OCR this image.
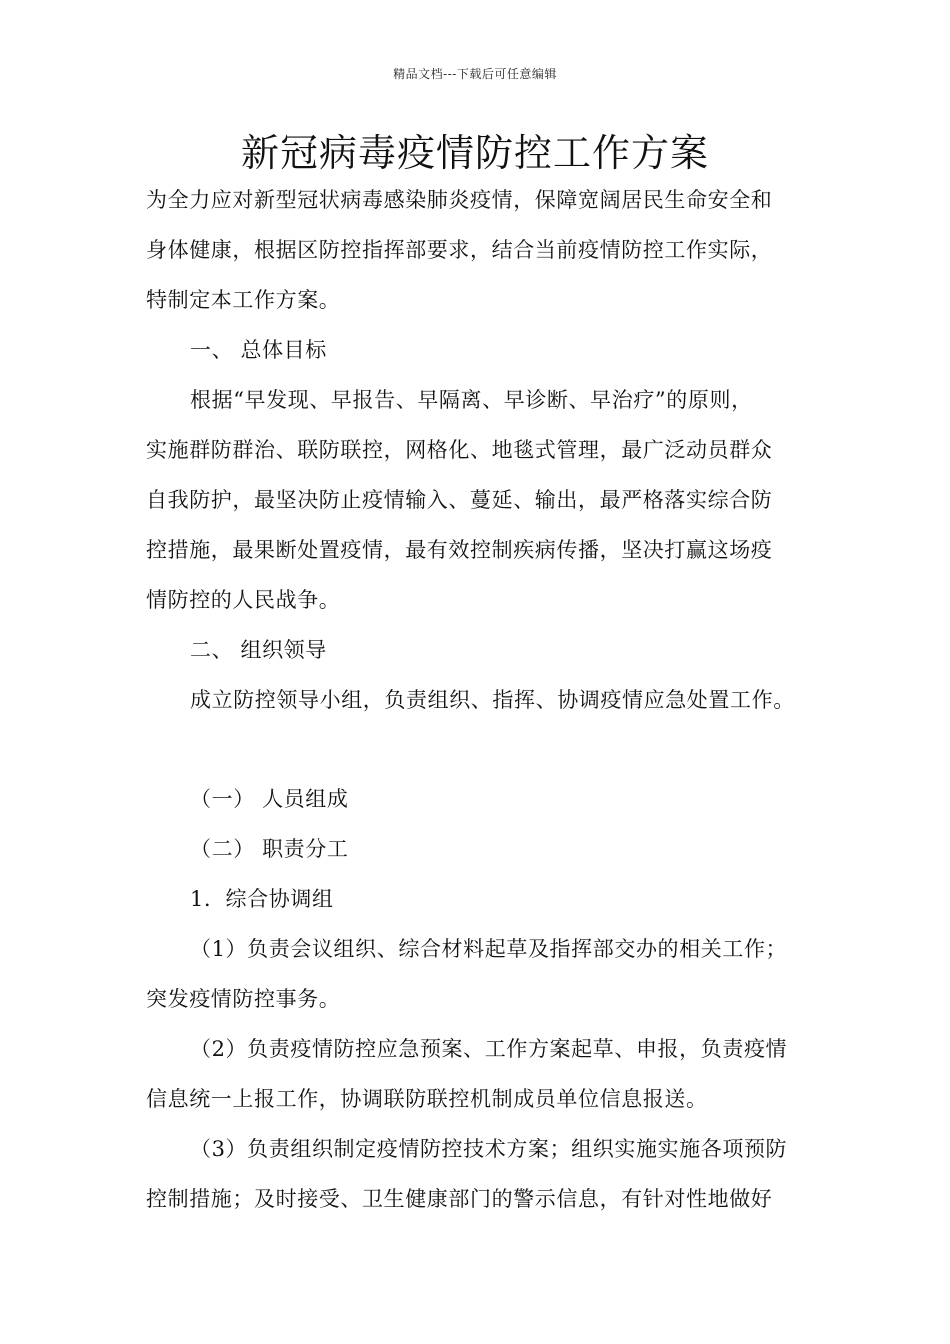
精品文档---下载后可任意编辑
新冠病毒疫情防控工作方案
为全力应对新型冠状病毒感染肺炎疫情，保障宽阔居民生命安全和
身体健康，根据区防控指挥部要求，结合当前疫情防控工作实际，
特制定本工作方案。
一、 总体目标
根据“早发现、早报告、早隔离、早诊断、早治疗”的原则，
实施群防群治、联防联控，网格化、地毯式管理，最广泛动员群众
自我防护，最坚决防止疫情输入、蔓延、输出，最严格落实综合防
控措施，最果断处置疫情，最有效控制疾病传播，坚决打赢这场疫
情防控的人民战争。
二、 组织领导
成立防控领导小组，负责组织、指挥、协调疫情应急处置工作。
（一） 人员组成
（二） 职责分工
1．综合协调组
（1）负责会议组织、综合材料起草及指挥部交办的相关工作；
突发疫情防控事务。
（2）负责疫情防控应急预案、工作方案起草、申报，负责疫情
信息统一上报工作，协调联防联控机制成员单位信息报送。
（3）负责组织制定疫情防控技术方案；组织实施实施各项预防
控制措施；及时接受、卫生健康部门的警示信息，有针对性地做好
